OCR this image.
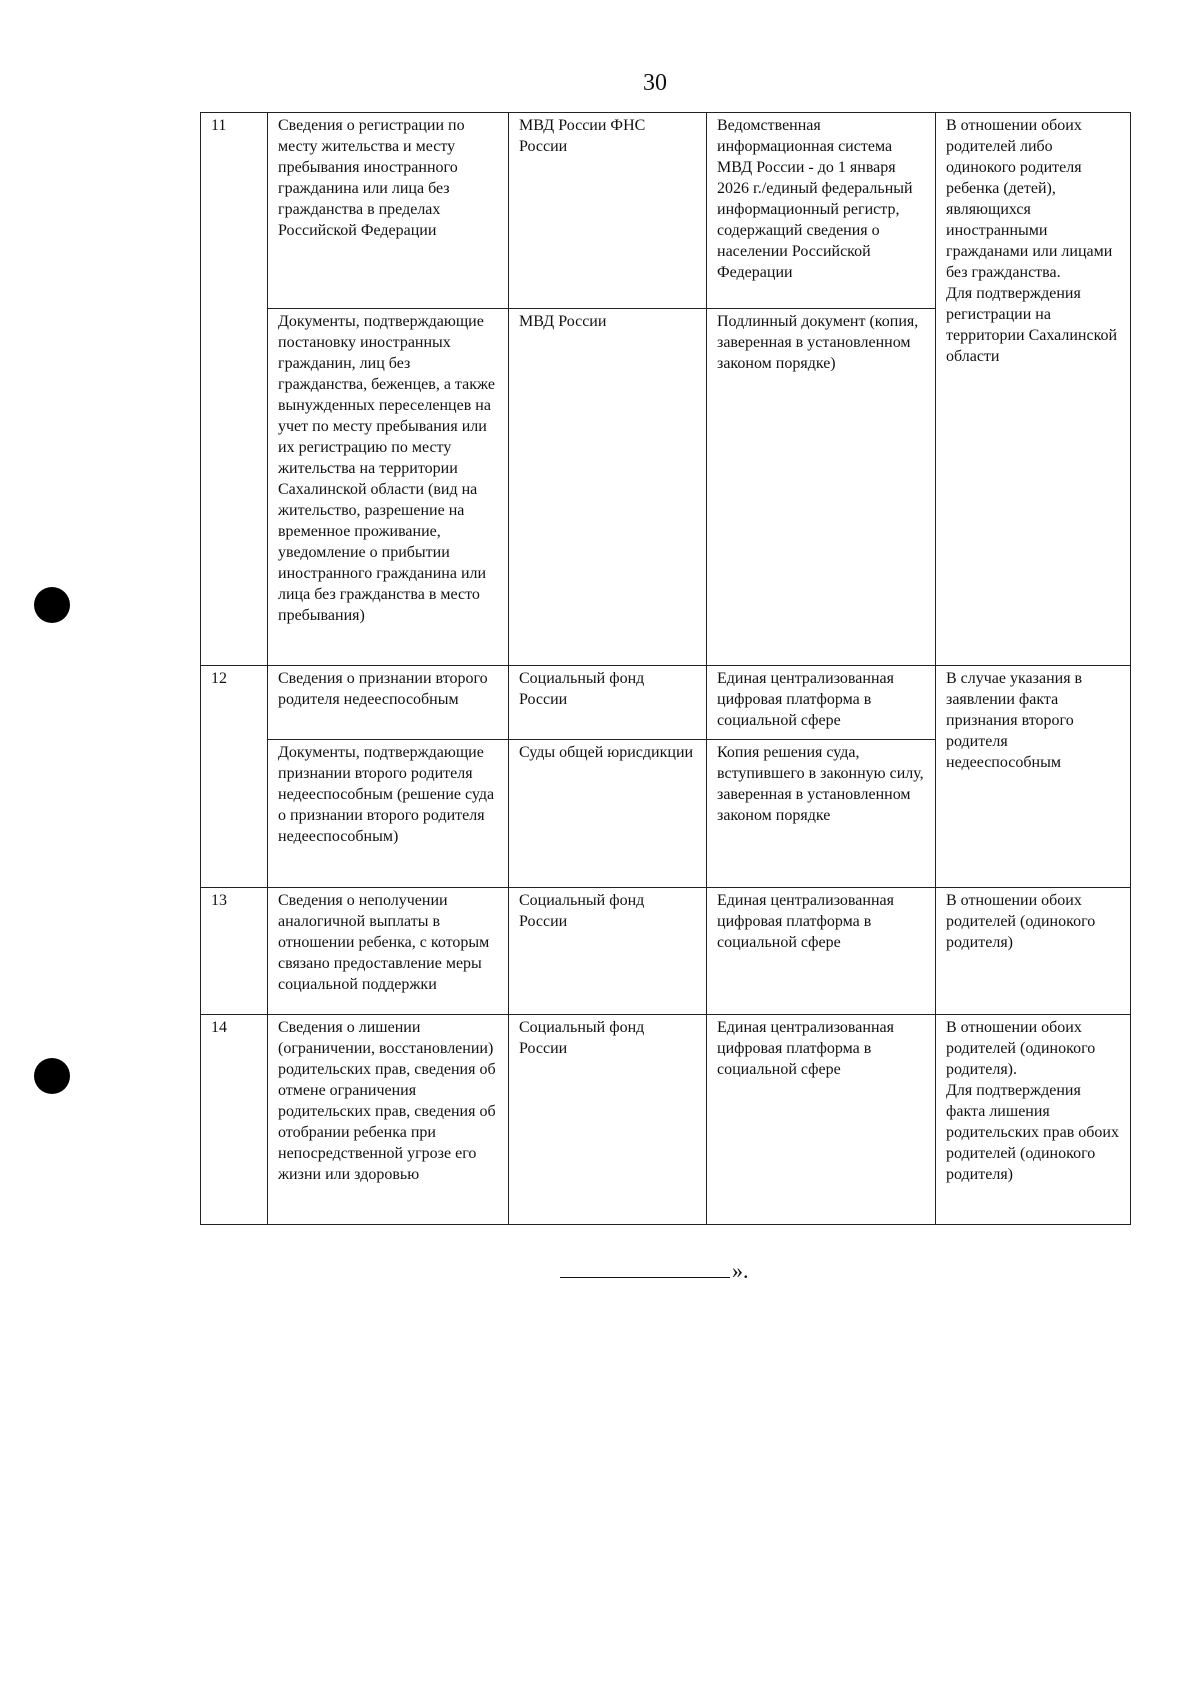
30
11	Сведения о регистрации по месту жительства и месту пребывания иностранного гражданина или лица без гражданства в пределах Российской Федерации	МВД России ФНС России	Ведомственная информационная система МВД России - до 1 января 2026 г./единый федеральный информационный регистр, содержащий сведения о населении Российской Федерации	В отношении обоих родителей либо одинокого родителя ребенка (детей), являющихся иностранными гражданами или лицами без гражданства.
Для подтверждения регистрации на территории Сахалинской области
	Документы, подтверждающие постановку иностранных гражданин, лиц без гражданства, беженцев, а также вынужденных переселенцев на учет по месту пребывания или их регистрацию по месту жительства на территории Сахалинской области (вид на жительство, разрешение на временное проживание, уведомление о прибытии иностранного гражданина или лица без гражданства в место пребывания)	МВД России	Подлинный документ (копия, заверенная в установленном законом порядке)	
12	Сведения о признании второго родителя недееспособным	Социальный фонд России	Единая централизованная цифровая платформа в социальной сфере	В случае указания в заявлении факта признания второго родителя недееспособным
	Документы, подтверждающие признании второго родителя недееспособным (решение суда о признании второго родителя недееспособным)	Суды общей юрисдикции	Копия решения суда, вступившего в законную силу, заверенная в установленном законом порядке	
13	Сведения о неполучении аналогичной выплаты в отношении ребенка, с которым связано предоставление меры социальной поддержки	Социальный фонд России	Единая централизованная цифровая платформа в социальной сфере	В отношении обоих родителей (одинокого родителя)
14	Сведения о лишении (ограничении, восстановлении) родительских прав, сведения об отмене ограничения родительских прав, сведения об отобрании ребенка при непосредственной угрозе его жизни или здоровью	Социальный фонд России	Единая централизованная цифровая платформа в социальной сфере	В отношении обоих родителей (одинокого родителя).
Для подтверждения факта лишения родительских прав обоих родителей (одинокого родителя)
».
